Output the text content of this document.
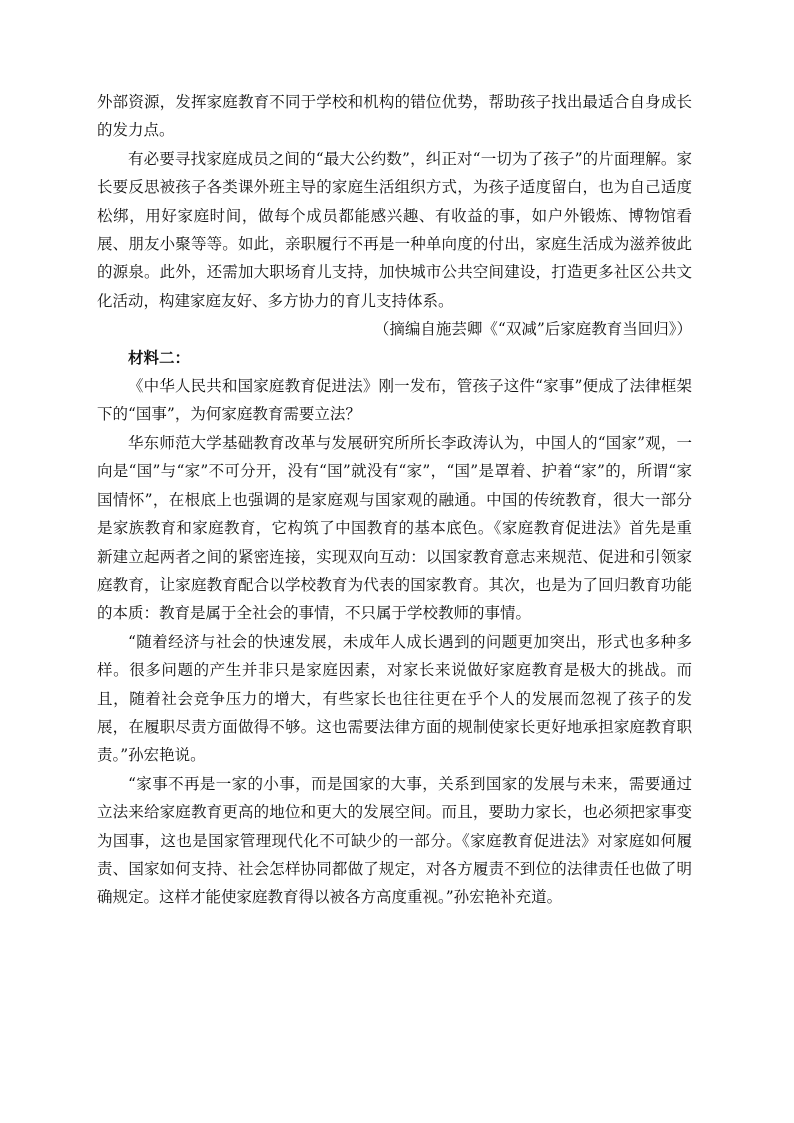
外部资源，发挥家庭教育不同于学校和机构的错位优势，帮助孩子找出最适合自身成长的发力点。

有必要寻找家庭成员之间的“最大公约数”，纠正对“一切为了孩子”的片面理解。家长要反思被孩子各类课外班主导的家庭生活组织方式，为孩子适度留白，也为自己适度松绑，用好家庭时间，做每个成员都能感兴趣、有收益的事，如户外锻炼、博物馆看展、朋友小聚等等。如此，亲职履行不再是一种单向度的付出，家庭生活成为滋养彼此的源泉。此外，还需加大职场育儿支持，加快城市公共空间建设，打造更多社区公共文化活动，构建家庭友好、多方协力的育儿支持体系。

（摘编自施芸卿《“双减”后家庭教育当回归》）

材料二：

《中华人民共和国家庭教育促进法》刚一发布，管孩子这件“家事”便成了法律框架下的“国事”，为何家庭教育需要立法？

华东师范大学基础教育改革与发展研究所所长李政涛认为，中国人的“国家”观，一向是“国”与“家”不可分开，没有“国”就没有“家”，“国”是罩着、护着“家”的，所谓“家国情怀”，在根底上也强调的是家庭观与国家观的融通。中国的传统教育，很大一部分是家族教育和家庭教育，它构筑了中国教育的基本底色。《家庭教育促进法》首先是重新建立起两者之间的紧密连接，实现双向互动：以国家教育意志来规范、促进和引领家庭教育，让家庭教育配合以学校教育为代表的国家教育。其次，也是为了回归教育功能的本质：教育是属于全社会的事情，不只属于学校教师的事情。

“随着经济与社会的快速发展，未成年人成长遇到的问题更加突出，形式也多种多样。很多问题的产生并非只是家庭因素，对家长来说做好家庭教育是极大的挑战。而且，随着社会竞争压力的增大，有些家长也往往更在乎个人的发展而忽视了孩子的发展，在履职尽责方面做得不够。这也需要法律方面的规制使家长更好地承担家庭教育职责。”孙宏艳说。

“家事不再是一家的小事，而是国家的大事，关系到国家的发展与未来，需要通过立法来给家庭教育更高的地位和更大的发展空间。而且，要助力家长，也必须把家事变为国事，这也是国家管理现代化不可缺少的一部分。《家庭教育促进法》对家庭如何履责、国家如何支持、社会怎样协同都做了规定，对各方履责不到位的法律责任也做了明确规定。这样才能使家庭教育得以被各方高度重视。”孙宏艳补充道。
